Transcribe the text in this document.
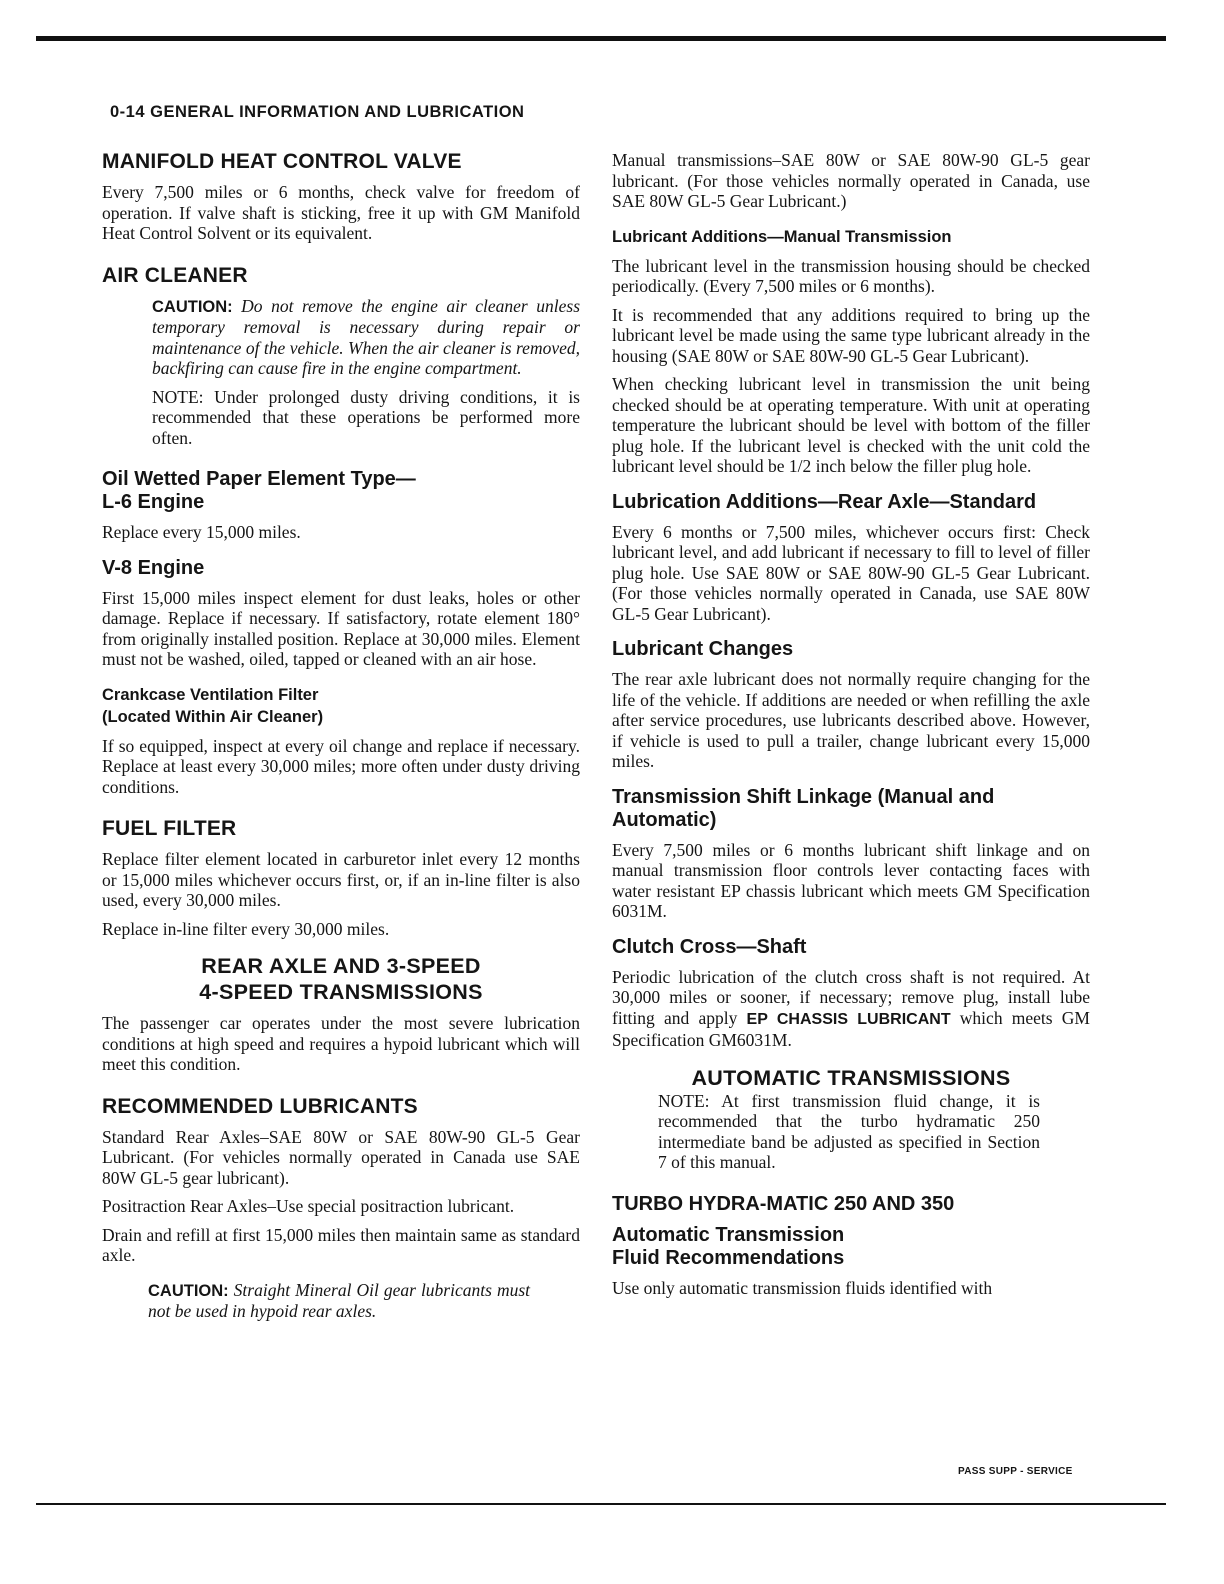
0-14 GENERAL INFORMATION AND LUBRICATION
MANIFOLD HEAT CONTROL VALVE

Every 7,500 miles or 6 months, check valve for freedom of operation. If valve shaft is sticking, free it up with GM Manifold Heat Control Solvent or its equivalent.

AIR CLEANER

CAUTION: Do not remove the engine air cleaner unless temporary removal is necessary during repair or maintenance of the vehicle. When the air cleaner is removed, backfiring can cause fire in the engine compartment.

NOTE: Under prolonged dusty driving conditions, it is recommended that these operations be performed more often.

Oil Wetted Paper Element Type—
L-6 Engine

Replace every 15,000 miles.

V-8 Engine

First 15,000 miles inspect element for dust leaks, holes or other damage. Replace if necessary. If satisfactory, rotate element 180° from originally installed position. Replace at 30,000 miles. Element must not be washed, oiled, tapped or cleaned with an air hose.

Crankcase Ventilation Filter
(Located Within Air Cleaner)

If so equipped, inspect at every oil change and replace if necessary. Replace at least every 30,000 miles; more often under dusty driving conditions.

FUEL FILTER

Replace filter element located in carburetor inlet every 12 months or 15,000 miles whichever occurs first, or, if an in-line filter is also used, every 30,000 miles.

Replace in-line filter every 30,000 miles.

REAR AXLE AND 3-SPEED
4-SPEED TRANSMISSIONS

The passenger car operates under the most severe lubrication conditions at high speed and requires a hypoid lubricant which will meet this condition.

RECOMMENDED LUBRICANTS

Standard Rear Axles–SAE 80W or SAE 80W-90 GL-5 Gear Lubricant. (For vehicles normally operated in Canada use SAE 80W GL-5 gear lubricant).

Positraction Rear Axles–Use special positraction lubricant.

Drain and refill at first 15,000 miles then maintain same as standard axle.

CAUTION: Straight Mineral Oil gear lubricants must not be used in hypoid rear axles.

Manual transmissions–SAE 80W or SAE 80W-90 GL-5 gear lubricant. (For those vehicles normally operated in Canada, use SAE 80W GL-5 Gear Lubricant.)

Lubricant Additions—Manual Transmission

The lubricant level in the transmission housing should be checked periodically. (Every 7,500 miles or 6 months).

It is recommended that any additions required to bring up the lubricant level be made using the same type lubricant already in the housing (SAE 80W or SAE 80W-90 GL-5 Gear Lubricant).

When checking lubricant level in transmission the unit being checked should be at operating temperature. With unit at operating temperature the lubricant should be level with bottom of the filler plug hole. If the lubricant level is checked with the unit cold the lubricant level should be 1/2 inch below the filler plug hole.

Lubrication Additions—Rear Axle—Standard

Every 6 months or 7,500 miles, whichever occurs first: Check lubricant level, and add lubricant if necessary to fill to level of filler plug hole. Use SAE 80W or SAE 80W-90 GL-5 Gear Lubricant. (For those vehicles normally operated in Canada, use SAE 80W GL-5 Gear Lubricant).

Lubricant Changes

The rear axle lubricant does not normally require changing for the life of the vehicle. If additions are needed or when refilling the axle after service procedures, use lubricants described above. However, if vehicle is used to pull a trailer, change lubricant every 15,000 miles.

Transmission Shift Linkage (Manual and Automatic)

Every 7,500 miles or 6 months lubricant shift linkage and on manual transmission floor controls lever contacting faces with water resistant EP chassis lubricant which meets GM Specification 6031M.

Clutch Cross—Shaft

Periodic lubrication of the clutch cross shaft is not required. At 30,000 miles or sooner, if necessary; remove plug, install lube fitting and apply EP CHASSIS LUBRICANT which meets GM Specification GM6031M.

AUTOMATIC TRANSMISSIONS

NOTE: At first transmission fluid change, it is recommended that the turbo hydramatic 250 intermediate band be adjusted as specified in Section 7 of this manual.

TURBO HYDRA-MATIC 250 AND 350
Automatic Transmission
Fluid Recommendations

Use only automatic transmission fluids identified with

PASS SUPP - SERVICE
